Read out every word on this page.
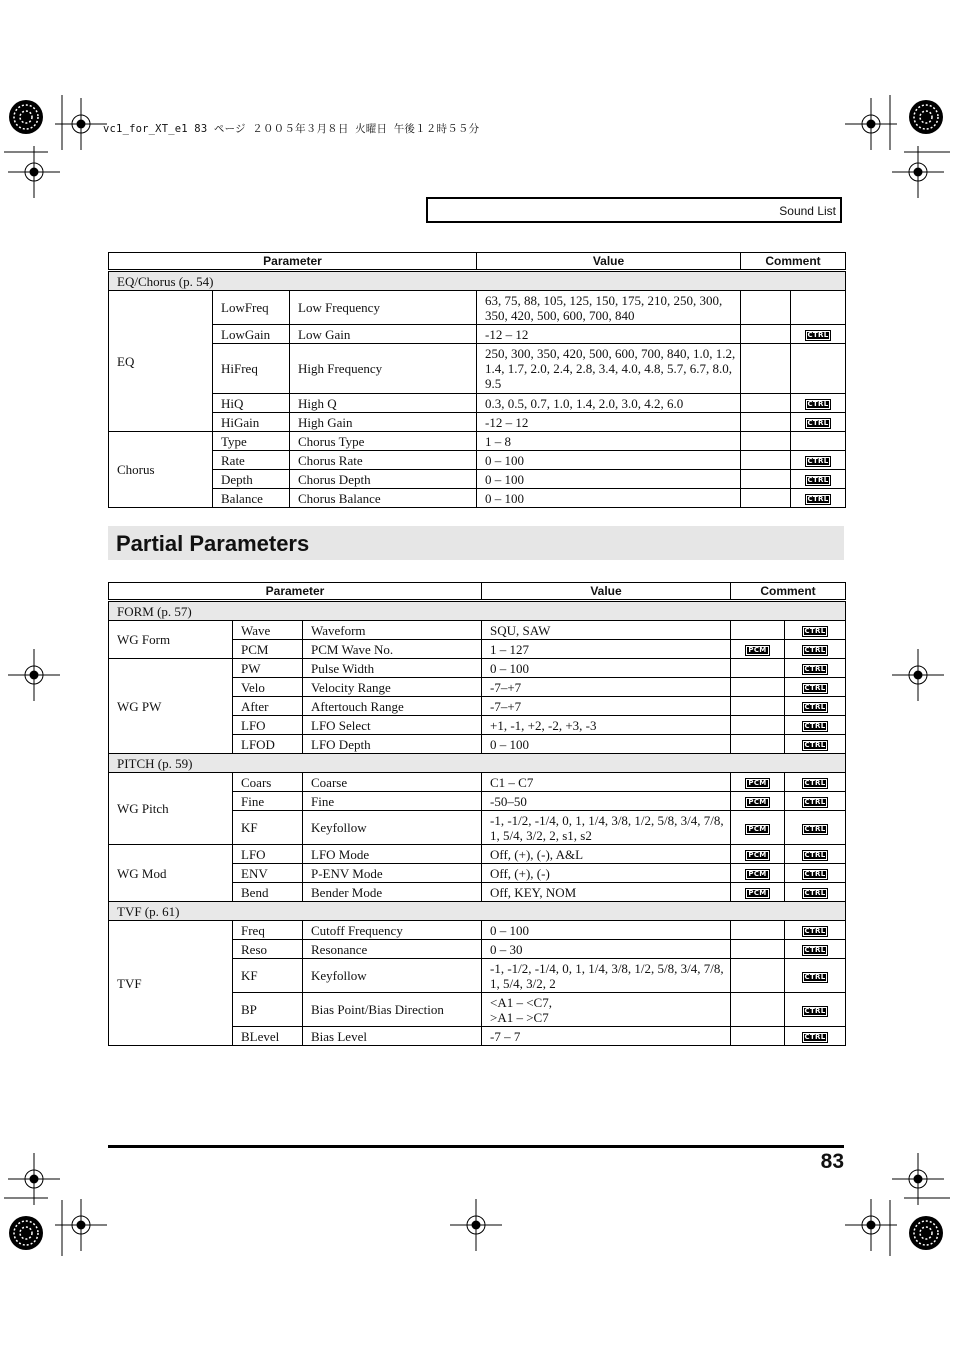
vc1_for_XT_e1 83 ページ ２００５年３月８日 火曜日 午後１２時５５分
Sound List
Parameter			Value	Comment	
EQ/Chorus (p. 54)					
EQ	LowFreq	Low Frequency	63, 75, 88, 105, 125, 150, 175, 210, 250, 300, 350, 420, 500, 600, 700, 840		
	LowGain	Low Gain	-12 – 12		CTRL
	HiFreq	High Frequency	250, 300, 350, 420, 500, 600, 700, 840, 1.0, 1.2, 1.4, 1.7, 2.0, 2.4, 2.8, 3.4, 4.0, 4.8, 5.7, 6.7, 8.0, 9.5		
	HiQ	High Q	0.3, 0.5, 0.7, 1.0, 1.4, 2.0, 3.0, 4.2, 6.0		CTRL
	HiGain	High Gain	-12 – 12		CTRL
Chorus	Type	Chorus Type	1 – 8		
	Rate	Chorus Rate	0 – 100		CTRL
	Depth	Chorus Depth	0 – 100		CTRL
	Balance	Chorus Balance	0 – 100		CTRL
Partial Parameters
Parameter			Value	Comment	
FORM (p. 57)					
WG Form	Wave	Waveform	SQU, SAW		CTRL
	PCM	PCM Wave No.	1 – 127	PCM	CTRL
WG PW	PW	Pulse Width	0 – 100		CTRL
	Velo	Velocity Range	-7–+7		CTRL
	After	Aftertouch Range	-7–+7		CTRL
	LFO	LFO Select	+1, -1, +2, -2, +3, -3		CTRL
	LFOD	LFO Depth	0 – 100		CTRL
PITCH (p. 59)					
WG Pitch	Coars	Coarse	C1 – C7	PCM	CTRL
	Fine	Fine	-50–50	PCM	CTRL
	KF	Keyfollow	-1, -1/2, -1/4, 0, 1, 1/4, 3/8, 1/2, 5/8, 3/4, 7/8, 1, 5/4, 3/2, 2, s1, s2	PCM	CTRL
WG Mod	LFO	LFO Mode	Off, (+), (-), A&L	PCM	CTRL
	ENV	P-ENV Mode	Off, (+), (-)	PCM	CTRL
	Bend	Bender Mode	Off, KEY, NOM	PCM	CTRL
TVF (p. 61)					
TVF	Freq	Cutoff Frequency	0 – 100		CTRL
	Reso	Resonance	0 – 30		CTRL
	KF	Keyfollow	-1, -1/2, -1/4, 0, 1, 1/4, 3/8, 1/2, 5/8, 3/4, 7/8, 1, 5/4, 3/2, 2		CTRL
	BP	Bias Point/Bias Direction	<A1 – <C7,
>A1 – >C7		CTRL
	BLevel	Bias Level	-7 – 7		CTRL
83
